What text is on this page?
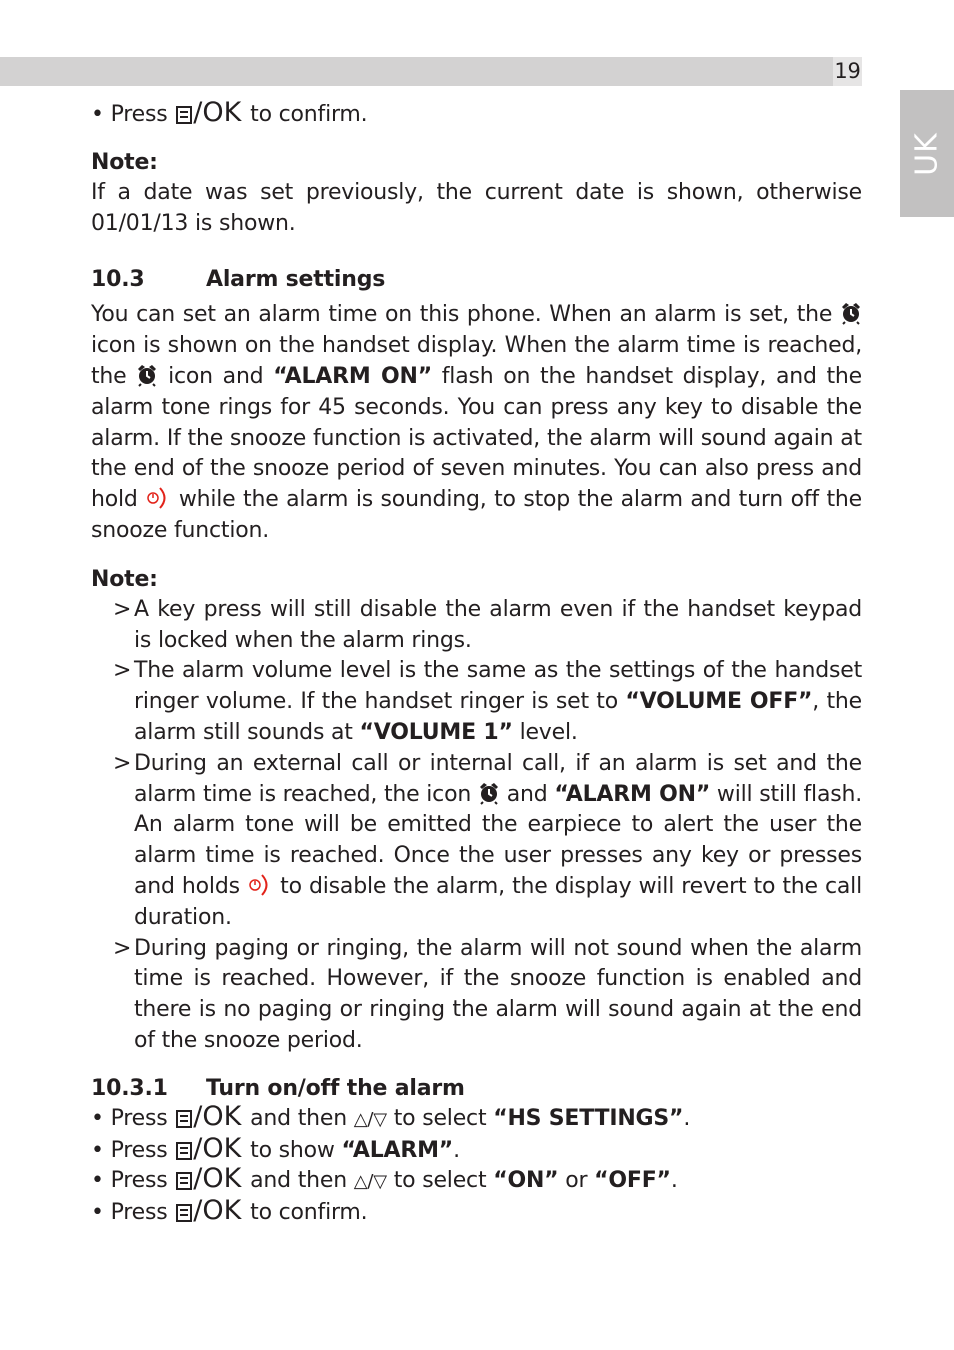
19
UK

• Press /OK to confirm.

Note:

If a date was set previously, the current date is shown, otherwise 01/01/13 is shown.

10.3	Alarm settings

You can set an alarm time on this phone. When an alarm is set, the  icon is shown on the handset display. When the alarm time is reached, the icon and “ALARM ON” flash on the handset display, and the alarm tone rings for 45 seconds. You can press any key to disable the alarm. If the snooze function is activated, the alarm will sound again at the end of the snooze period of seven minutes. You can also press and hold while the alarm is sounding, to stop the alarm and turn off the snooze function.

Note:

> A key press will still disable the alarm even if the handset keypad is locked when the alarm rings.
> The alarm volume level is the same as the settings of the handset ringer volume. If the handset ringer is set to “VOLUME OFF”, the alarm still sounds at “VOLUME 1” level.
> During an external call or internal call, if an alarm is set and the alarm time is reached, the icon and “ALARM ON” will still flash. An alarm tone will be emitted the earpiece to alert the user the alarm time is reached. Once the user presses any key or presses and holds to disable the alarm, the display will revert to the call duration.
> During paging or ringing, the alarm will not sound when the alarm time is reached. However, if the snooze function is enabled and there is no paging or ringing the alarm will sound again at the end of the snooze period.

10.3.1 Turn on/off the alarm

• Press /OK and then △/▽ to select “HS SETTINGS”.

• Press /OK to show “ALARM”.

• Press /OK and then △/▽ to select “ON” or “OFF”.

• Press /OK to confirm.
